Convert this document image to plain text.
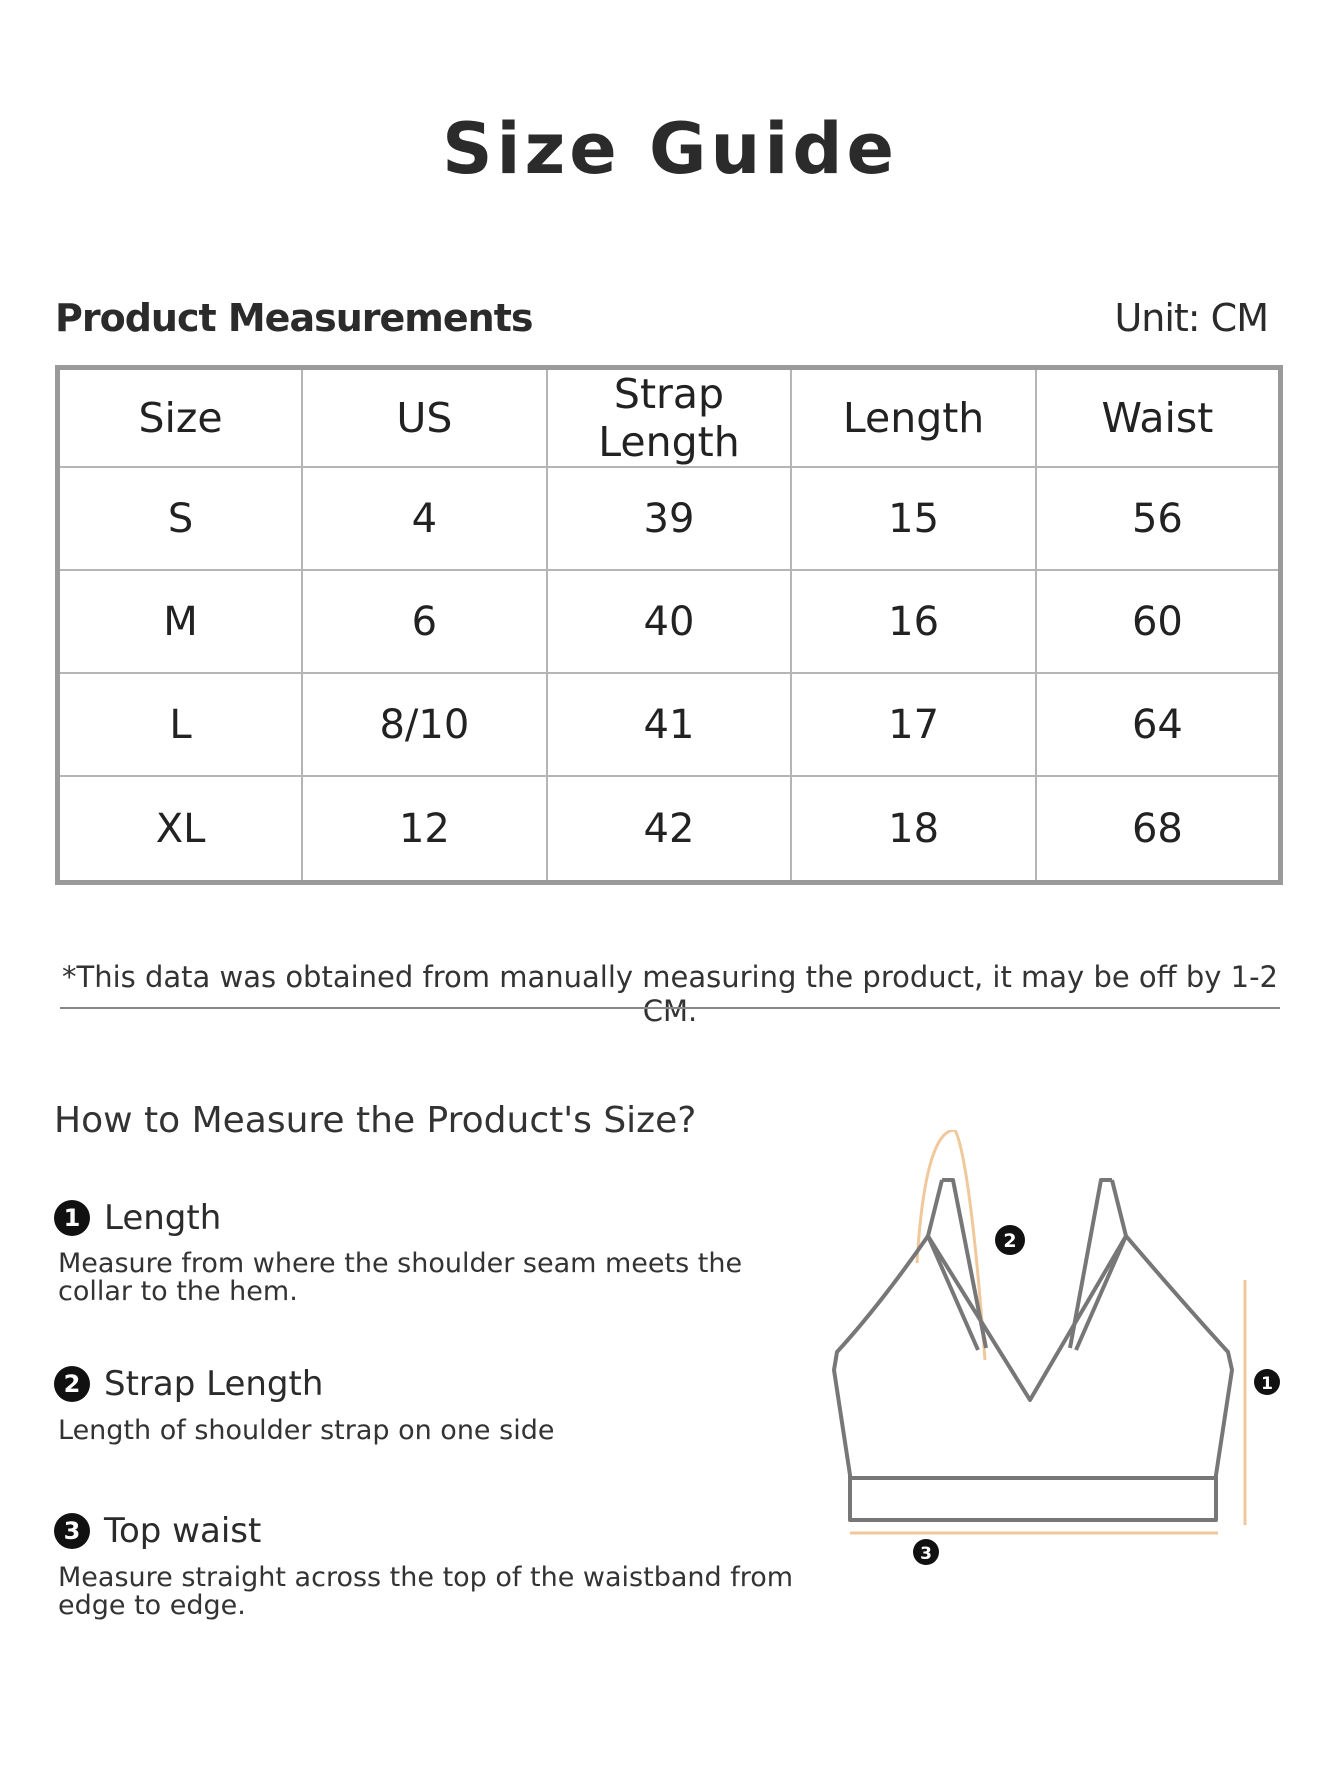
Size Guide
Product Measurements	Unit: CM
Size	US	Strap Length	Length	Waist
S	4	39	15	56
M	6	40	16	60
L	8/10	41	17	64
XL	12	42	18	68
*This data was obtained from manually measuring the product, it may be off by 1-2 CM.
How to Measure the Product's Size?
1 Length
Measure from where the shoulder seam meets the collar to the hem.
2 Strap Length
Length of shoulder strap on one side
3 Top waist
Measure straight across the top of the waistband from edge to edge.
2
1
3
